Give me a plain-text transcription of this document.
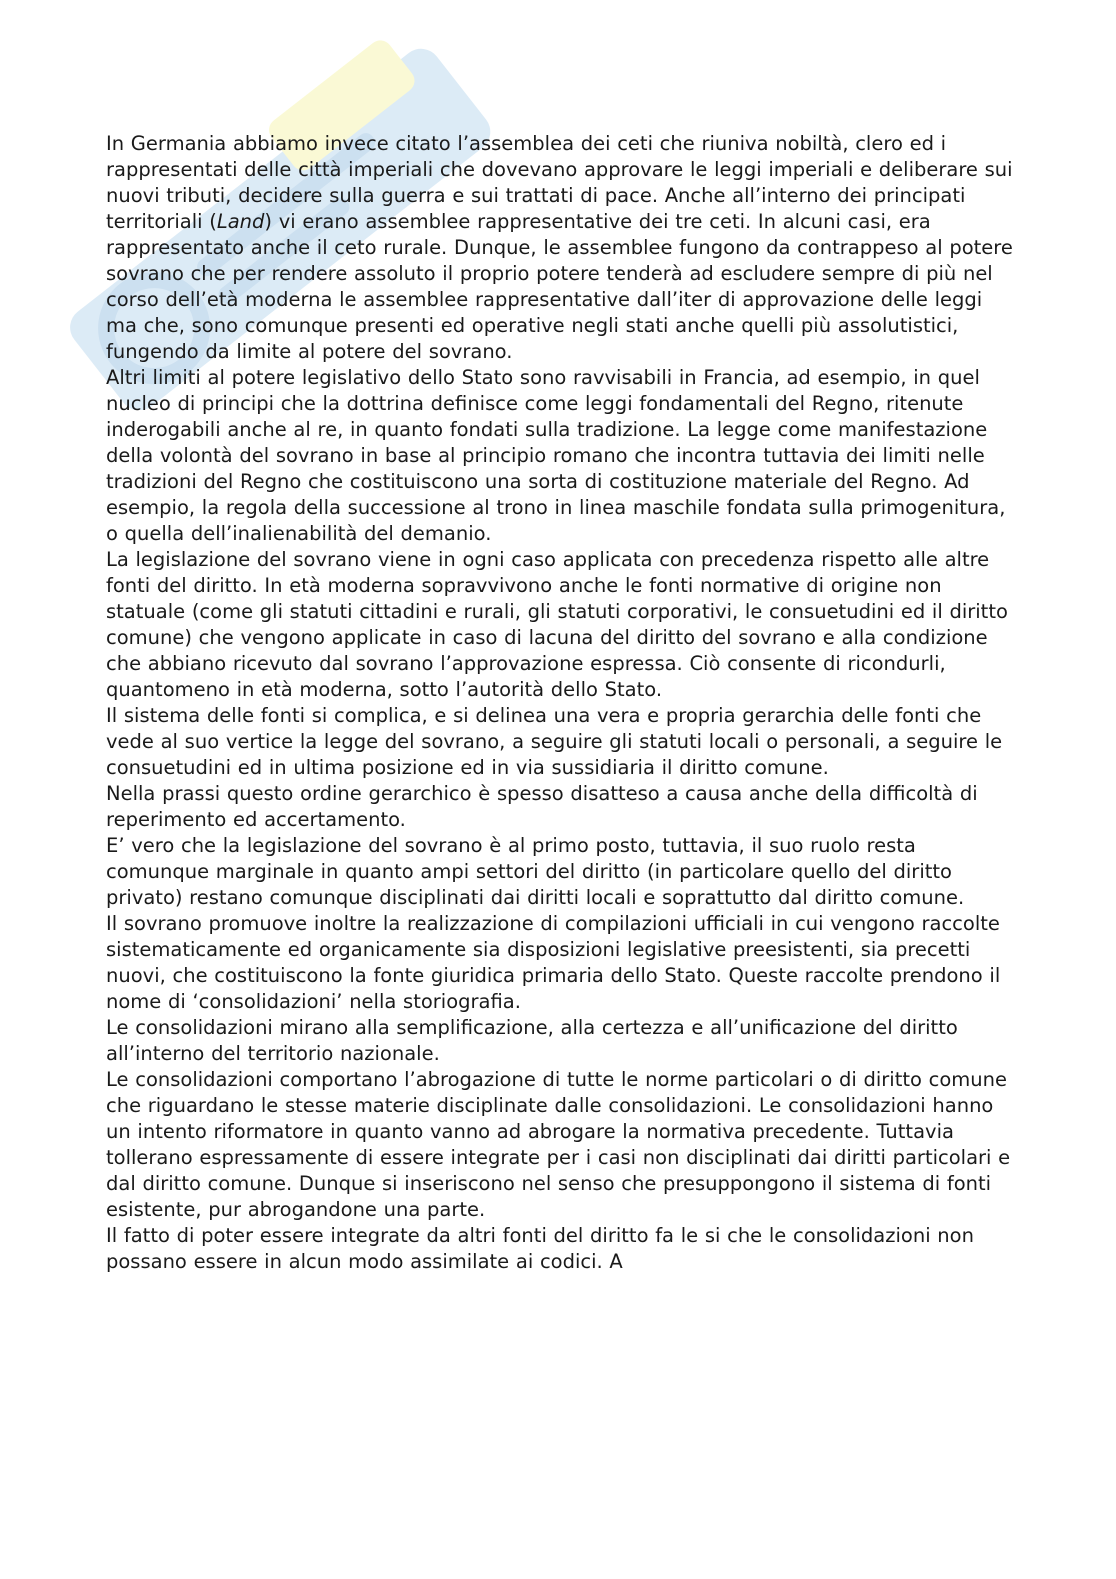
In Germania abbiamo invece citato l’assemblea dei ceti che riuniva nobiltà, clero ed i rappresentati delle città imperiali che dovevano approvare le leggi imperiali e deliberare sui nuovi tributi, decidere sulla guerra e sui trattati di pace. Anche all’interno dei principati territoriali (Land) vi erano assemblee rappresentative dei tre ceti. In alcuni casi, era rappresentato anche il ceto rurale. Dunque, le assemblee fungono da contrappeso al potere sovrano che per rendere assoluto il proprio potere tenderà ad escludere sempre di più nel corso dell’età moderna le assemblee rappresentative dall’iter di approvazione delle leggi ma che, sono comunque presenti ed operative negli stati anche quelli più assolutistici, fungendo da limite al potere del sovrano.

Altri limiti al potere legislativo dello Stato sono ravvisabili in Francia, ad esempio, in quel nucleo di principi che la dottrina definisce come leggi fondamentali del Regno, ritenute inderogabili anche al re, in quanto fondati sulla tradizione. La legge come manifestazione della volontà del sovrano in base al principio romano che incontra tuttavia dei limiti nelle tradizioni del Regno che costituiscono una sorta di costituzione materiale del Regno. Ad esempio, la regola della successione al trono in linea maschile fondata sulla primogenitura, o quella dell’inalienabilità del demanio.

La legislazione del sovrano viene in ogni caso applicata con precedenza rispetto alle altre fonti del diritto. In età moderna sopravvivono anche le fonti normative di origine non statuale (come gli statuti cittadini e rurali, gli statuti corporativi, le consuetudini ed il diritto comune) che vengono applicate in caso di lacuna del diritto del sovrano e alla condizione che abbiano ricevuto dal sovrano l’approvazione espressa. Ciò consente di ricondurli, quantomeno in età moderna, sotto l’autorità dello Stato.

Il sistema delle fonti si complica, e si delinea una vera e propria gerarchia delle fonti che vede al suo vertice la legge del sovrano, a seguire gli statuti locali o personali, a seguire le consuetudini ed in ultima posizione ed in via sussidiaria il diritto comune.

Nella prassi questo ordine gerarchico è spesso disatteso a causa anche della difficoltà di reperimento ed accertamento.

E’ vero che la legislazione del sovrano è al primo posto, tuttavia, il suo ruolo resta comunque marginale in quanto ampi settori del diritto (in particolare quello del diritto privato) restano comunque disciplinati dai diritti locali e soprattutto dal diritto comune.

Il sovrano promuove inoltre la realizzazione di compilazioni ufficiali in cui vengono raccolte sistematicamente ed organicamente sia disposizioni legislative preesistenti, sia precetti nuovi, che costituiscono la fonte giuridica primaria dello Stato. Queste raccolte prendono il nome di ‘consolidazioni’ nella storiografia.

Le consolidazioni mirano alla semplificazione, alla certezza e all’unificazione del diritto all’interno del territorio nazionale.

Le consolidazioni comportano l’abrogazione di tutte le norme particolari o di diritto comune che riguardano le stesse materie disciplinate dalle consolidazioni. Le consolidazioni hanno un intento riformatore in quanto vanno ad abrogare la normativa precedente. Tuttavia tollerano espressamente di essere integrate per i casi non disciplinati dai diritti particolari e dal diritto comune. Dunque si inseriscono nel senso che presuppongono il sistema di fonti esistente, pur abrogandone una parte.

Il fatto di poter essere integrate da altri fonti del diritto fa le si che le consolidazioni non possano essere in alcun modo assimilate ai codici. A
